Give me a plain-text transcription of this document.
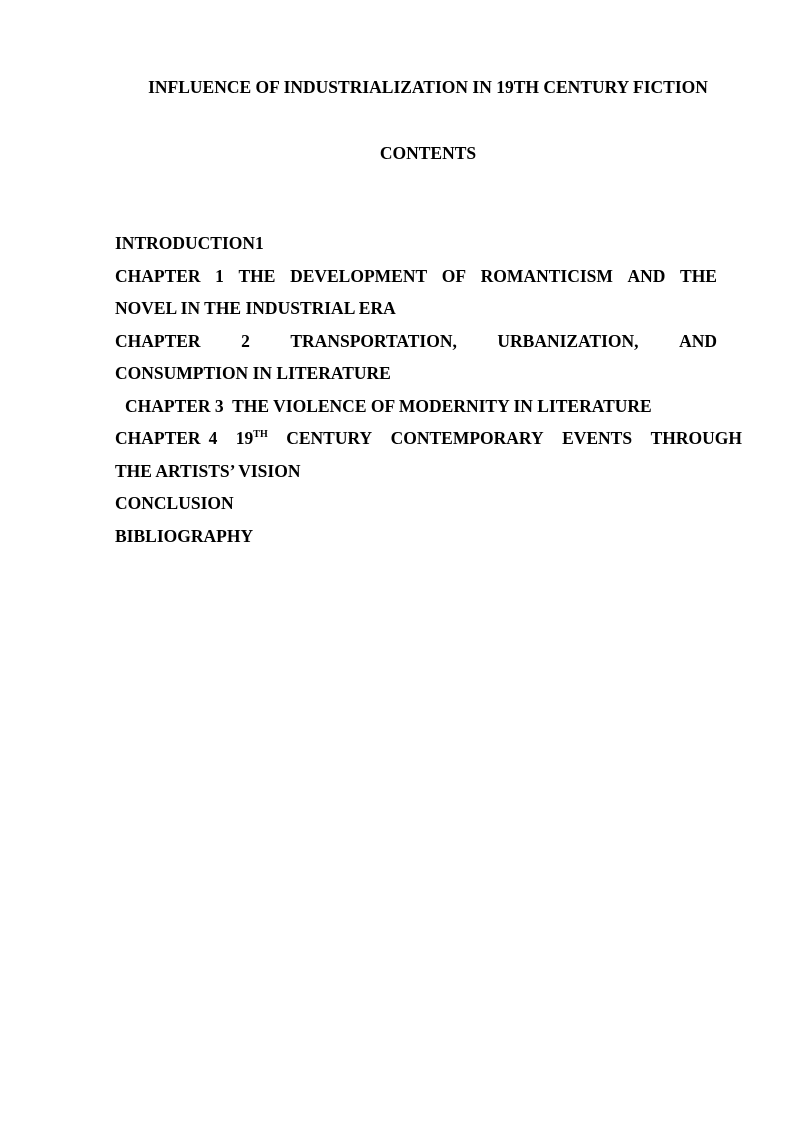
INFLUENCE OF INDUSTRIALIZATION IN 19TH CENTURY FICTION
CONTENTS
INTRODUCTION1
CHAPTER 1 THE DEVELOPMENT OF ROMANTICISM AND THE
NOVEL IN THE INDUSTRIAL ERA
CHAPTER 2 TRANSPORTATION, URBANIZATION, AND
CONSUMPTION IN LITERATURE
CHAPTER 3  THE VIOLENCE OF MODERNITY IN LITERATURE
CHAPTER 4 19TH CENTURY CONTEMPORARY EVENTS THROUGH
THE ARTISTS’ VISION
CONCLUSION
BIBLIOGRAPHY
